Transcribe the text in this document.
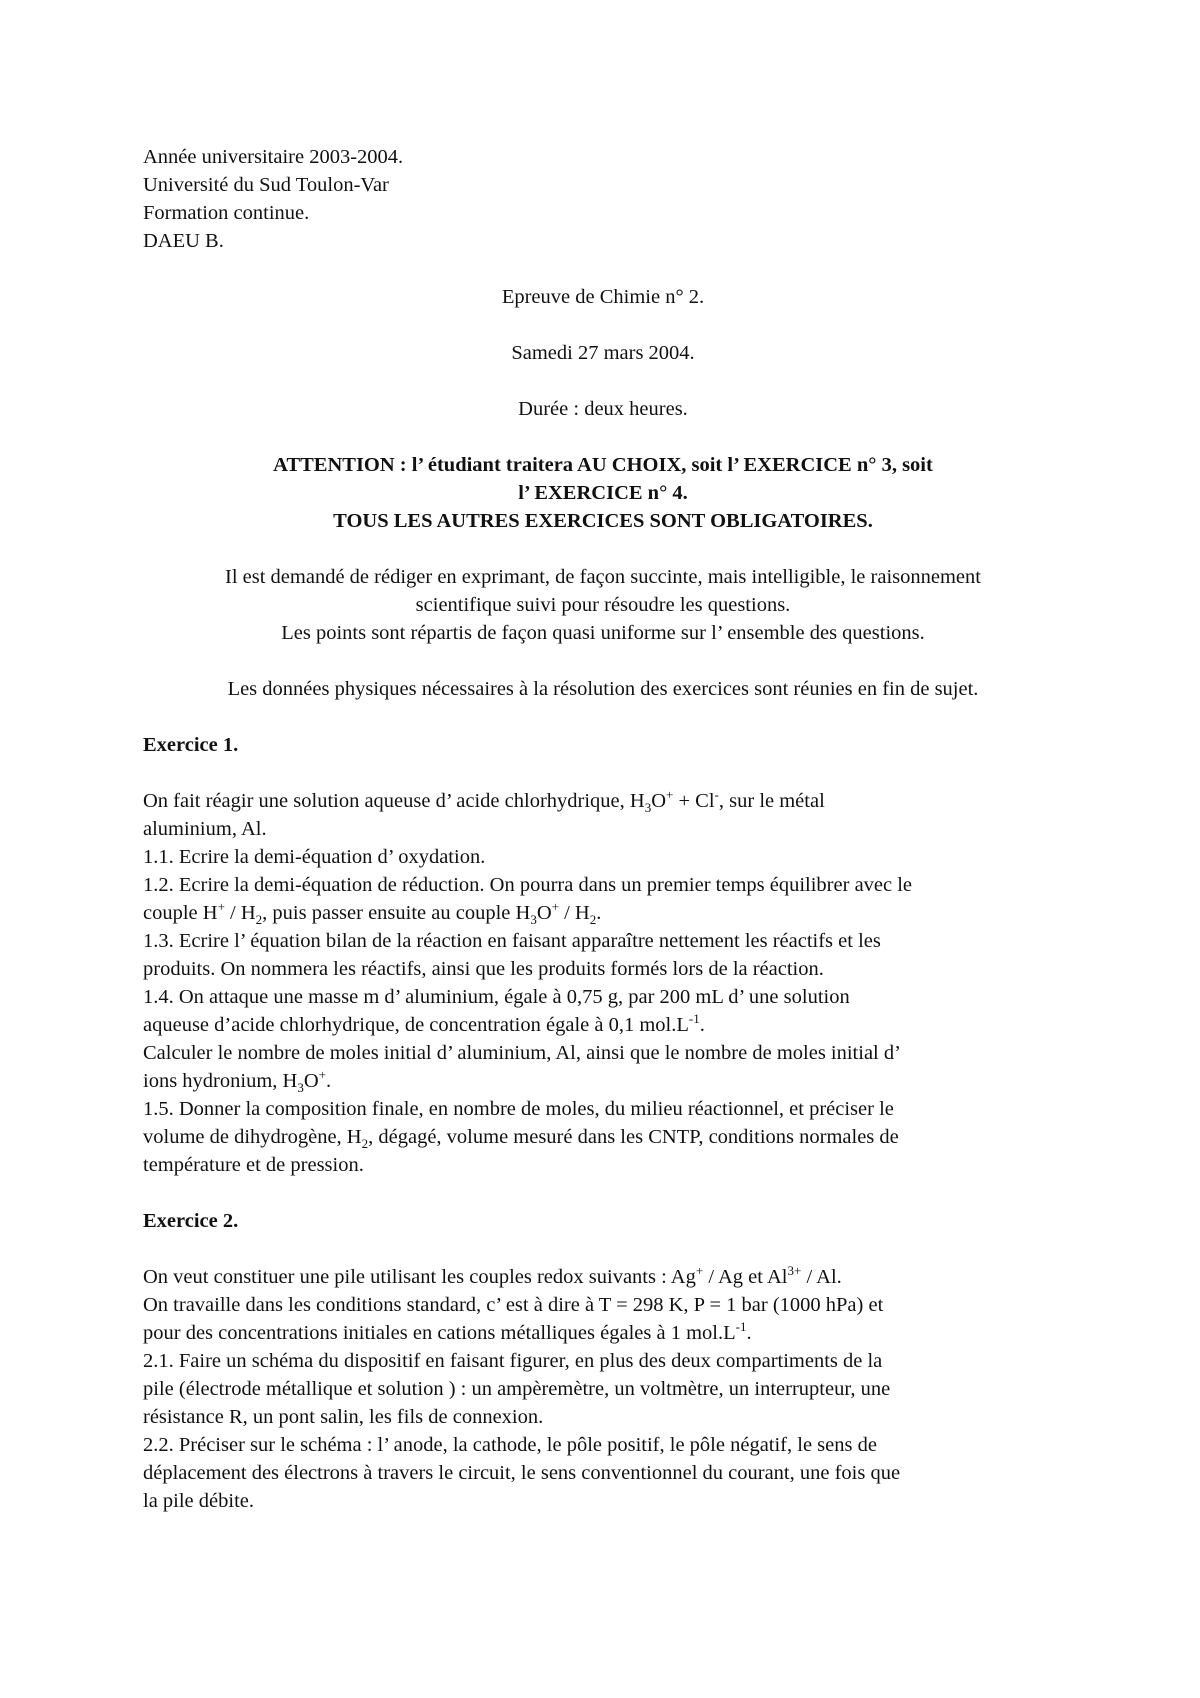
Année universitaire 2003-2004.
Université du Sud Toulon-Var
Formation continue.
DAEU B.
Epreuve de Chimie n° 2.
Samedi 27 mars 2004.
Durée : deux heures.
ATTENTION : l’ étudiant traitera AU CHOIX, soit l’ EXERCICE n° 3, soit
l’ EXERCICE n° 4.
TOUS LES AUTRES EXERCICES SONT OBLIGATOIRES.
Il est demandé de rédiger en exprimant, de façon succinte, mais intelligible, le raisonnement
scientifique suivi pour résoudre les questions.
Les points sont répartis de façon quasi uniforme sur l’ ensemble des questions.
Les données physiques nécessaires à la résolution des exercices sont réunies en fin de sujet.
Exercice 1.
On fait réagir une solution aqueuse d’ acide chlorhydrique, $H_3O^+ + Cl^-$, sur le métal
aluminium, Al.
1.1. Ecrire la demi-équation d’ oxydation.
1.2. Ecrire la demi-équation de réduction. On pourra dans un premier temps équilibrer avec le
couple $H^+ / H_2$, puis passer ensuite au couple $H_3O^+ / H_2$.
1.3. Ecrire l’ équation bilan de la réaction en faisant apparaître nettement les réactifs et les
produits. On nommera les réactifs, ainsi que les produits formés lors de la réaction.
1.4. On attaque une masse m d’ aluminium, égale à 0,75 g, par 200 mL d’ une solution
aqueuse d’acide chlorhydrique, de concentration égale à 0,1 $mol.L^{-1}$.
Calculer le nombre de moles initial d’ aluminium, Al, ainsi que le nombre de moles initial d’
ions hydronium, $H_3O^+$.
1.5. Donner la composition finale, en nombre de moles, du milieu réactionnel, et préciser le
volume de dihydrogène, $H_2$, dégagé, volume mesuré dans les CNTP, conditions normales de
température et de pression.
Exercice 2.
On veut constituer une pile utilisant les couples redox suivants : Ag+ / Ag et $Al^{3+}$ / Al.
On travaille dans les conditions standard, c’ est à dire à T = 298 K, P = 1 bar (1000 hPa) et
pour des concentrations initiales en cations métalliques égales à 1 $mol.L^{-1}$.
2.1. Faire un schéma du dispositif en faisant figurer, en plus des deux compartiments de la
pile (électrode métallique et solution ) : un ampèremètre, un voltmètre, un interrupteur, une
résistance R, un pont salin, les fils de connexion.
2.2. Préciser sur le schéma : l’ anode, la cathode, le pôle positif, le pôle négatif, le sens de
déplacement des électrons à travers le circuit, le sens conventionnel du courant, une fois que
la pile débite.
